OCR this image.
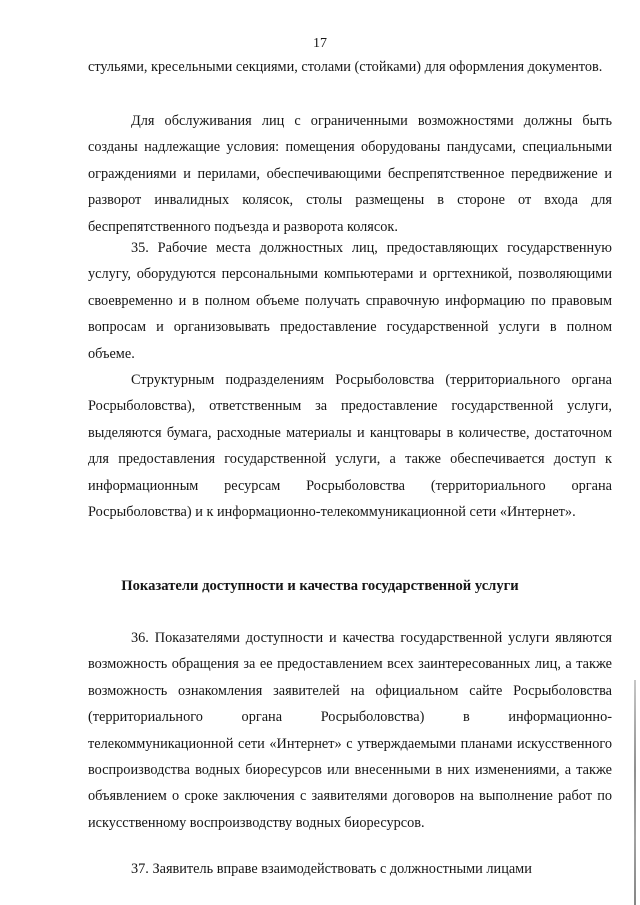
17

стульями, кресельными секциями, столами (стойками) для оформления документов.

Для обслуживания лиц с ограниченными возможностями должны быть созданы надлежащие условия: помещения оборудованы пандусами, специальными ограждениями и перилами, обеспечивающими беспрепятственное передвижение и разворот инвалидных колясок, столы размещены в стороне от входа для беспрепятственного подъезда и разворота колясок.

35. Рабочие места должностных лиц, предоставляющих государственную услугу, оборудуются персональными компьютерами и оргтехникой, позволяющими своевременно и в полном объеме получать справочную информацию по правовым вопросам и организовывать предоставление государственной услуги в полном объеме.

Структурным подразделениям Росрыболовства (территориального органа Росрыболовства), ответственным за предоставление государственной услуги, выделяются бумага, расходные материалы и канцтовары в количестве, достаточном для предоставления государственной услуги, а также обеспечивается доступ к информационным ресурсам Росрыболовства (территориального органа Росрыболовства) и к информационно-телекоммуникационной сети «Интернет».

Показатели доступности и качества государственной услуги

36. Показателями доступности и качества государственной услуги являются возможность обращения за ее предоставлением всех заинтересованных лиц, а также возможность ознакомления заявителей на официальном сайте Росрыболовства (территориального органа Росрыболовства) в информационно-телекоммуникационной сети «Интернет» с утверждаемыми планами искусственного воспроизводства водных биоресурсов или внесенными в них изменениями, а также объявлением о сроке заключения с заявителями договоров на выполнение работ по искусственному воспроизводству водных биоресурсов.

37. Заявитель вправе взаимодействовать с должностными лицами
